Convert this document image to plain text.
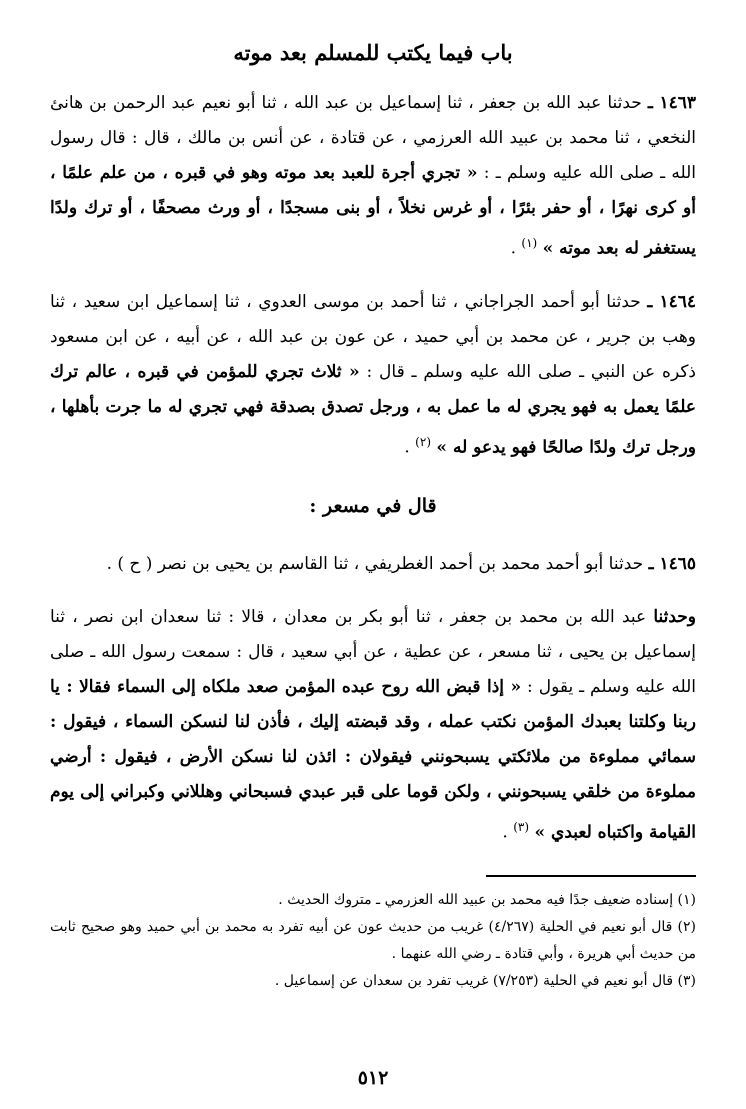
باب فيما يكتب للمسلم بعد موته

١٤٦٣ ـ حدثنا عبد الله بن جعفر ، ثنا إسماعيل بن عبد الله ، ثنا أبو نعيم عبد الرحمن بن هانئ النخعي ، ثنا محمد بن عبيد الله العرزمي ، عن قتادة ، عن أنس بن مالك ، قال : قال رسول الله ـ صلى الله عليه وسلم ـ : « تجري أجرة للعبد بعد موته وهو في قبره ، من علم علمًا ، أو كرى نهرًا ، أو حفر بئرًا ، أو غرس نخلاً ، أو بنى مسجدًا ، أو ورث مصحفًا ، أو ترك ولدًا يستغفر له بعد موته » $^{(١)}$ .

١٤٦٤ ـ حدثنا أبو أحمد الجراجاني ، ثنا أحمد بن موسى العدوي ، ثنا إسماعيل ابن سعيد ، ثنا وهب بن جرير ، عن محمد بن أبي حميد ، عن عون بن عبد الله ، عن أبيه ، عن ابن مسعود ذكره عن النبي ـ صلى الله عليه وسلم ـ قال : « ثلاث تجري للمؤمن في قبره ، عالم ترك علمًا يعمل به فهو يجري له ما عمل به ، ورجل تصدق بصدقة فهي تجري له ما جرت بأهلها ، ورجل ترك ولدًا صالحًا فهو يدعو له » $^{(٢)}$ .

قال في مسعر :

١٤٦٥ ـ حدثنا أبو أحمد محمد بن أحمد الغطريفي ، ثنا القاسم بن يحيى بن نصر ( ح ) .

وحدثنا عبد الله بن محمد بن جعفر ، ثنا أبو بكر بن معدان ، قالا : ثنا سعدان ابن نصر ، ثنا إسماعيل بن يحيى ، ثنا مسعر ، عن عطية ، عن أبي سعيد ، قال : سمعت رسول الله ـ صلى الله عليه وسلم ـ يقول : « إذا قبض الله روح عبده المؤمن صعد ملكاه إلى السماء فقالا : يا ربنا وكلتنا بعبدك المؤمن نكتب عمله ، وقد قبضته إليك ، فأذن لنا لنسكن السماء ، فيقول : سمائي مملوءة من ملائكتي يسبحونني فيقولان : ائذن لنا نسكن الأرض ، فيقول : أرضي مملوءة من خلقي يسبحونني ، ولكن قوما على قبر عبدي فسبحاني وهللاني وكبراني إلى يوم القيامة واكتباه لعبدي » $^{(٣)}$ .

(١) إسناده ضعيف جدًا فيه محمد بن عبيد الله العزرمي ـ متروك الحديث .

(٢) قال أبو نعيم في الحلية (٤/٢٦٧) غريب من حديث عون عن أبيه تفرد به محمد بن أبي حميد وهو صحيح ثابت من حديث أبي هريرة ، وأبي قتادة ـ رضي الله عنهما .

(٣) قال أبو نعيم في الحلية (٧/٢٥٣) غريب تفرد بن سعدان عن إسماعيل .

٥١٢
